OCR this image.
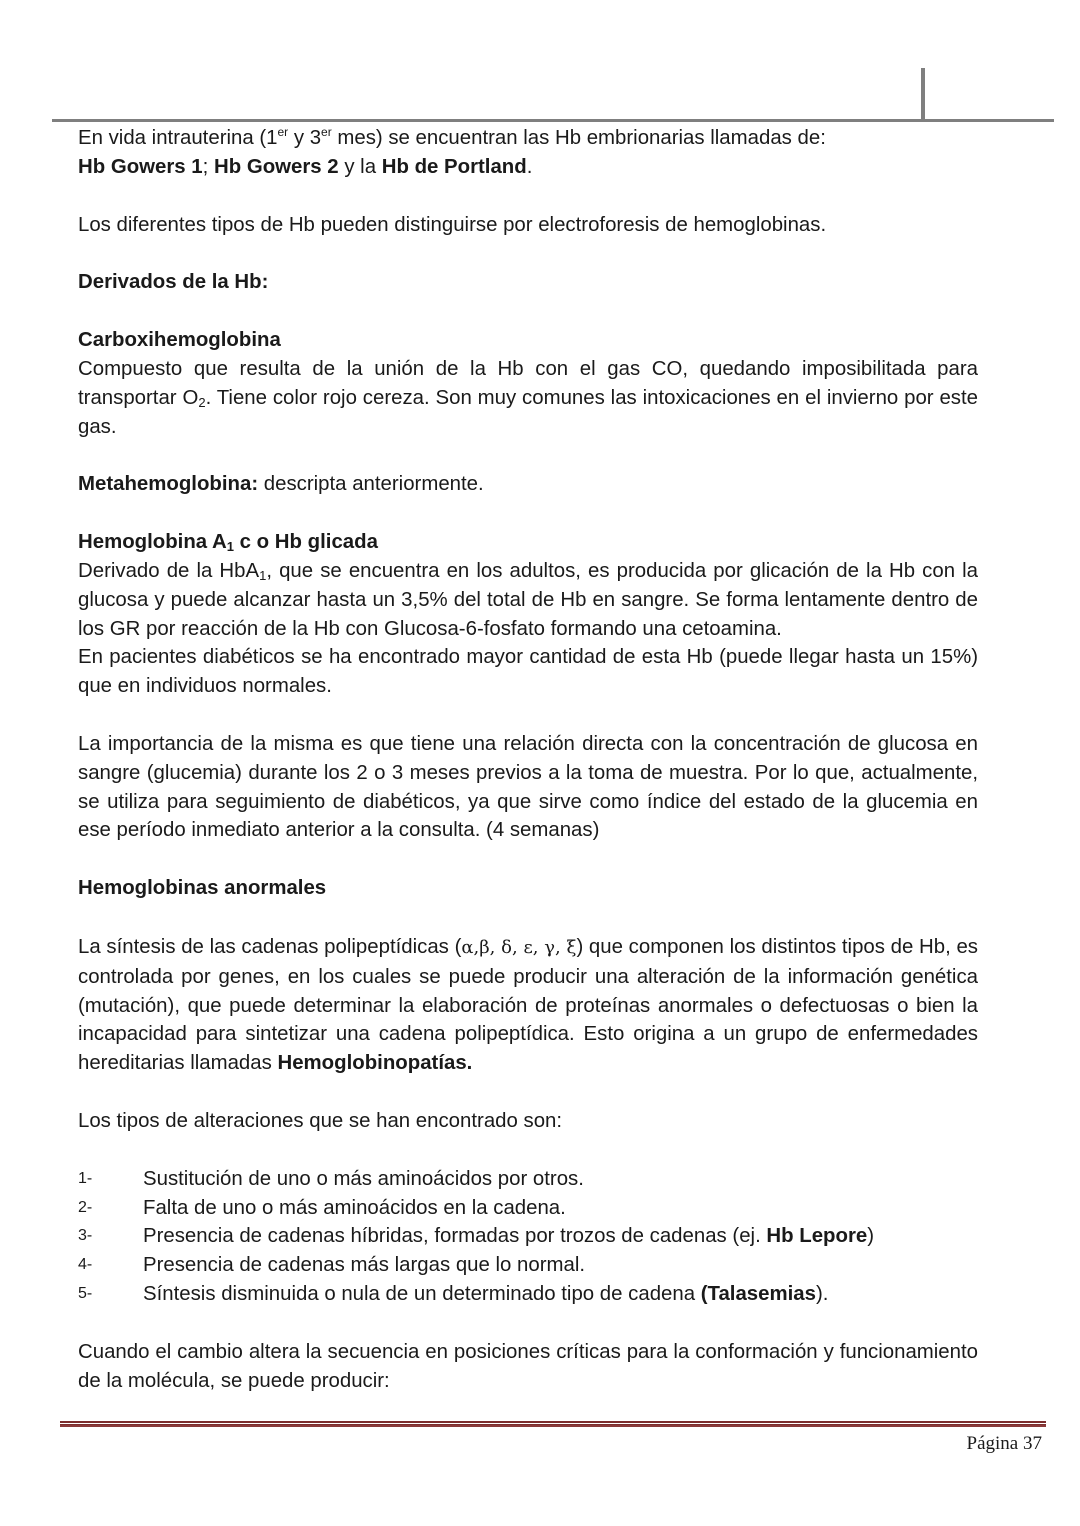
En vida intrauterina (1er y 3er mes) se encuentran las Hb embrionarias llamadas de:

Hb Gowers 1; Hb Gowers 2 y la Hb de Portland.

Los diferentes tipos de Hb pueden distinguirse por electroforesis de hemoglobinas.

Derivados de la Hb:

Carboxihemoglobina

Compuesto que resulta de la unión de la Hb con el gas CO, quedando imposibilitada para transportar $O_2$. Tiene color rojo cereza. Son muy comunes las intoxicaciones en el invierno por este gas.

Metahemoglobina: descripta anteriormente.

Hemoglobina $A_1$ c o Hb glicada

Derivado de la HbA$_1$, que se encuentra en los adultos, es producida por glicación de la Hb con la glucosa y puede alcanzar hasta un 3,5% del total de Hb en sangre. Se forma lentamente dentro de los GR por reacción de la Hb con Glucosa-6-fosfato formando una cetoamina.

En pacientes diabéticos se ha encontrado mayor cantidad de esta Hb (puede llegar hasta un 15%) que en individuos normales.

La importancia de la misma es que tiene una relación directa con la concentración de glucosa en sangre (glucemia) durante los 2 o 3 meses previos a la toma de muestra. Por lo que, actualmente, se utiliza para seguimiento de diabéticos, ya que sirve como índice del estado de la glucemia en ese período inmediato anterior a la consulta. (4 semanas)

Hemoglobinas anormales

La síntesis de las cadenas polipeptídicas (α,β, δ, ε, γ, ξ) que componen los distintos tipos de Hb, es controlada por genes, en los cuales se puede producir una alteración de la información genética (mutación), que puede determinar la elaboración de proteínas anormales o defectuosas o bien la incapacidad para sintetizar una cadena polipeptídica. Esto origina a un grupo de enfermedades hereditarias llamadas Hemoglobinopatías.

Los tipos de alteraciones que se han encontrado son:

1-	Sustitución de uno o más aminoácidos por otros.
2-	Falta de uno o más aminoácidos en la cadena.
3-	Presencia de cadenas híbridas, formadas por trozos de cadenas (ej. Hb Lepore)
4-	Presencia de cadenas más largas que lo normal.
5-	Síntesis disminuida o nula de un determinado tipo de cadena (Talasemias).

Cuando el cambio altera la secuencia en posiciones críticas para la conformación y funcionamiento de la molécula, se puede producir:

Página 37
